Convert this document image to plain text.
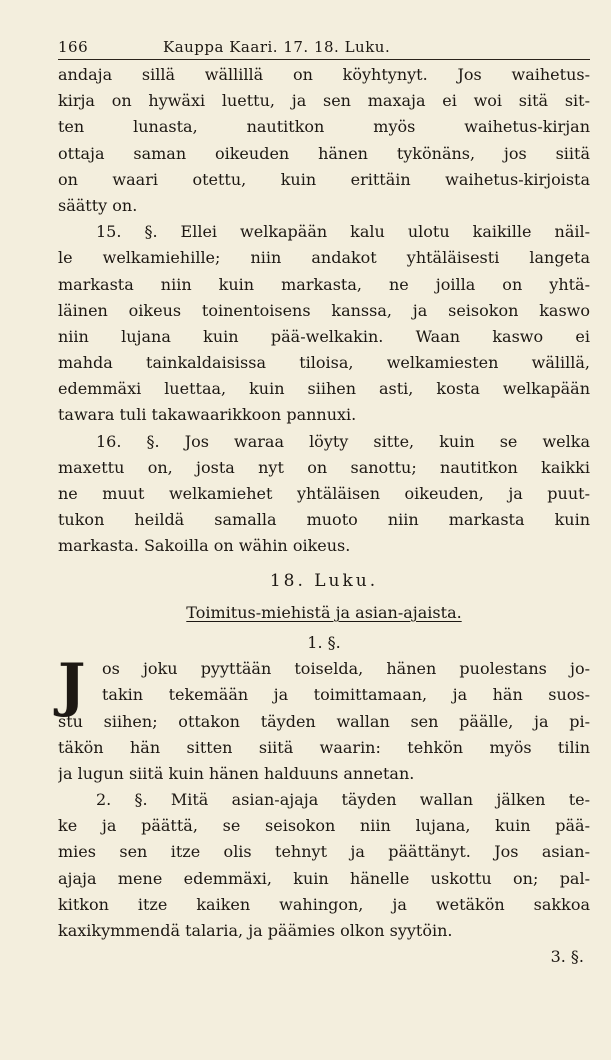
166	Kauppa Kaari. 17. 18. Luku.
andaja sillä wällillä on köyhtynyt. Jos waihetus-
kirja on hywäxi luettu, ja sen maxaja ei woi sitä sit-
ten lunasta, nautitkon myös waihetus-kirjan
ottaja saman oikeuden hänen tykönäns, jos siitä
on waari otettu, kuin erittäin waihetus-kirjoista
säätty on.
15. §. Ellei welkapään kalu ulotu kaikille näil-
le welkamiehille; niin andakot yhtäläisesti langeta
markasta niin kuin markasta, ne joilla on yhtä-
läinen oikeus toinentoisens kanssa, ja seisokon kaswo
niin lujana kuin pää-welkakin. Waan kaswo ei
mahda tainkaldaisissa tiloisa, welkamiesten wälillä,
edemmäxi luettaa, kuin siihen asti, kosta welkapään
tawara tuli takawaarikkoon pannuxi.
16. §. Jos waraa löyty sitte, kuin se welka
maxettu on, josta nyt on sanottu; nautitkon kaikki
ne muut welkamiehet yhtäläisen oikeuden, ja puut-
tukon heildä samalla muoto niin markasta kuin
markasta. Sakoilla on wähin oikeus.
18. Luku.
Toimitus-miehistä ja asian-ajaista.
1. §.
J	os joku pyyttään toiselda, hänen puolestans jo-
takin tekemään ja toimittamaan, ja hän suos-
stu siihen; ottakon täyden wallan sen päälle, ja pi-
täkön hän sitten siitä waarin: tehkön myös tilin
ja lugun siitä kuin hänen halduuns annetan.
2. §. Mitä asian-ajaja täyden wallan jälken te-
ke ja päättä, se seisokon niin lujana, kuin pää-
mies sen itze olis tehnyt ja päättänyt. Jos asian-
ajaja mene edemmäxi, kuin hänelle uskottu on; pal-
kitkon itze kaiken wahingon, ja wetäkön sakkoa
kaxikymmendä talaria, ja päämies olkon syytöin.
3. §.
